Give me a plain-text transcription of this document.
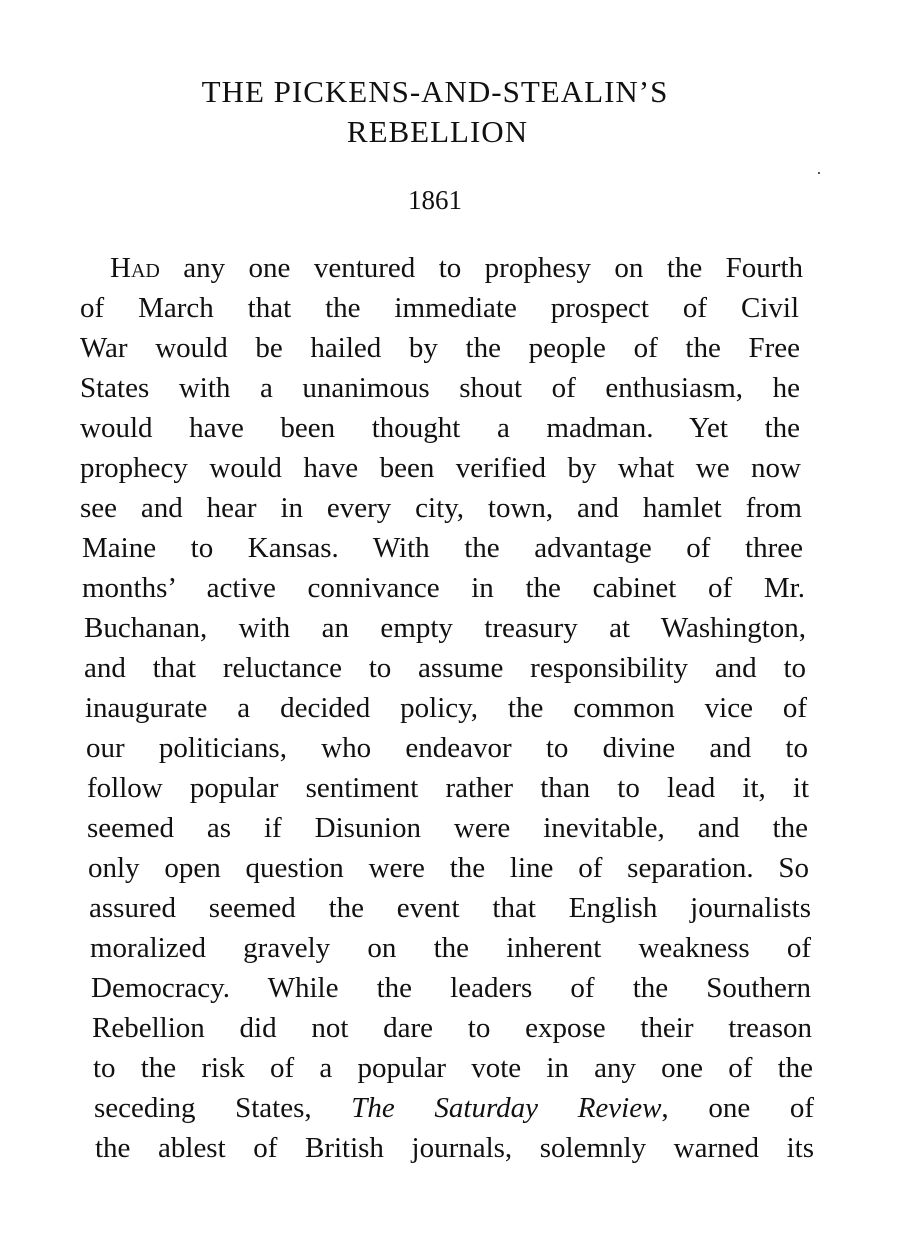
THE PICKENS-AND-STEALIN’S
REBELLION
1861
Had any one ventured to prophesy on the Fourth
of March that the immediate prospect of Civil
War would be hailed by the people of the Free
States with a unanimous shout of enthusiasm, he
would have been thought a madman. Yet the
prophecy would have been verified by what we now
see and hear in every city, town, and hamlet from
Maine to Kansas. With the advantage of three
months’ active connivance in the cabinet of Mr.
Buchanan, with an empty treasury at Washington,
and that reluctance to assume responsibility and to
inaugurate a decided policy, the common vice of
our politicians, who endeavor to divine and to
follow popular sentiment rather than to lead it, it
seemed as if Disunion were inevitable, and the
only open question were the line of separation. So
assured seemed the event that English journalists
moralized gravely on the inherent weakness of
Democracy. While the leaders of the Southern
Rebellion did not dare to expose their treason
to the risk of a popular vote in any one of the
seceding States, The Saturday Review, one of
the ablest of British journals, solemnly warned its
